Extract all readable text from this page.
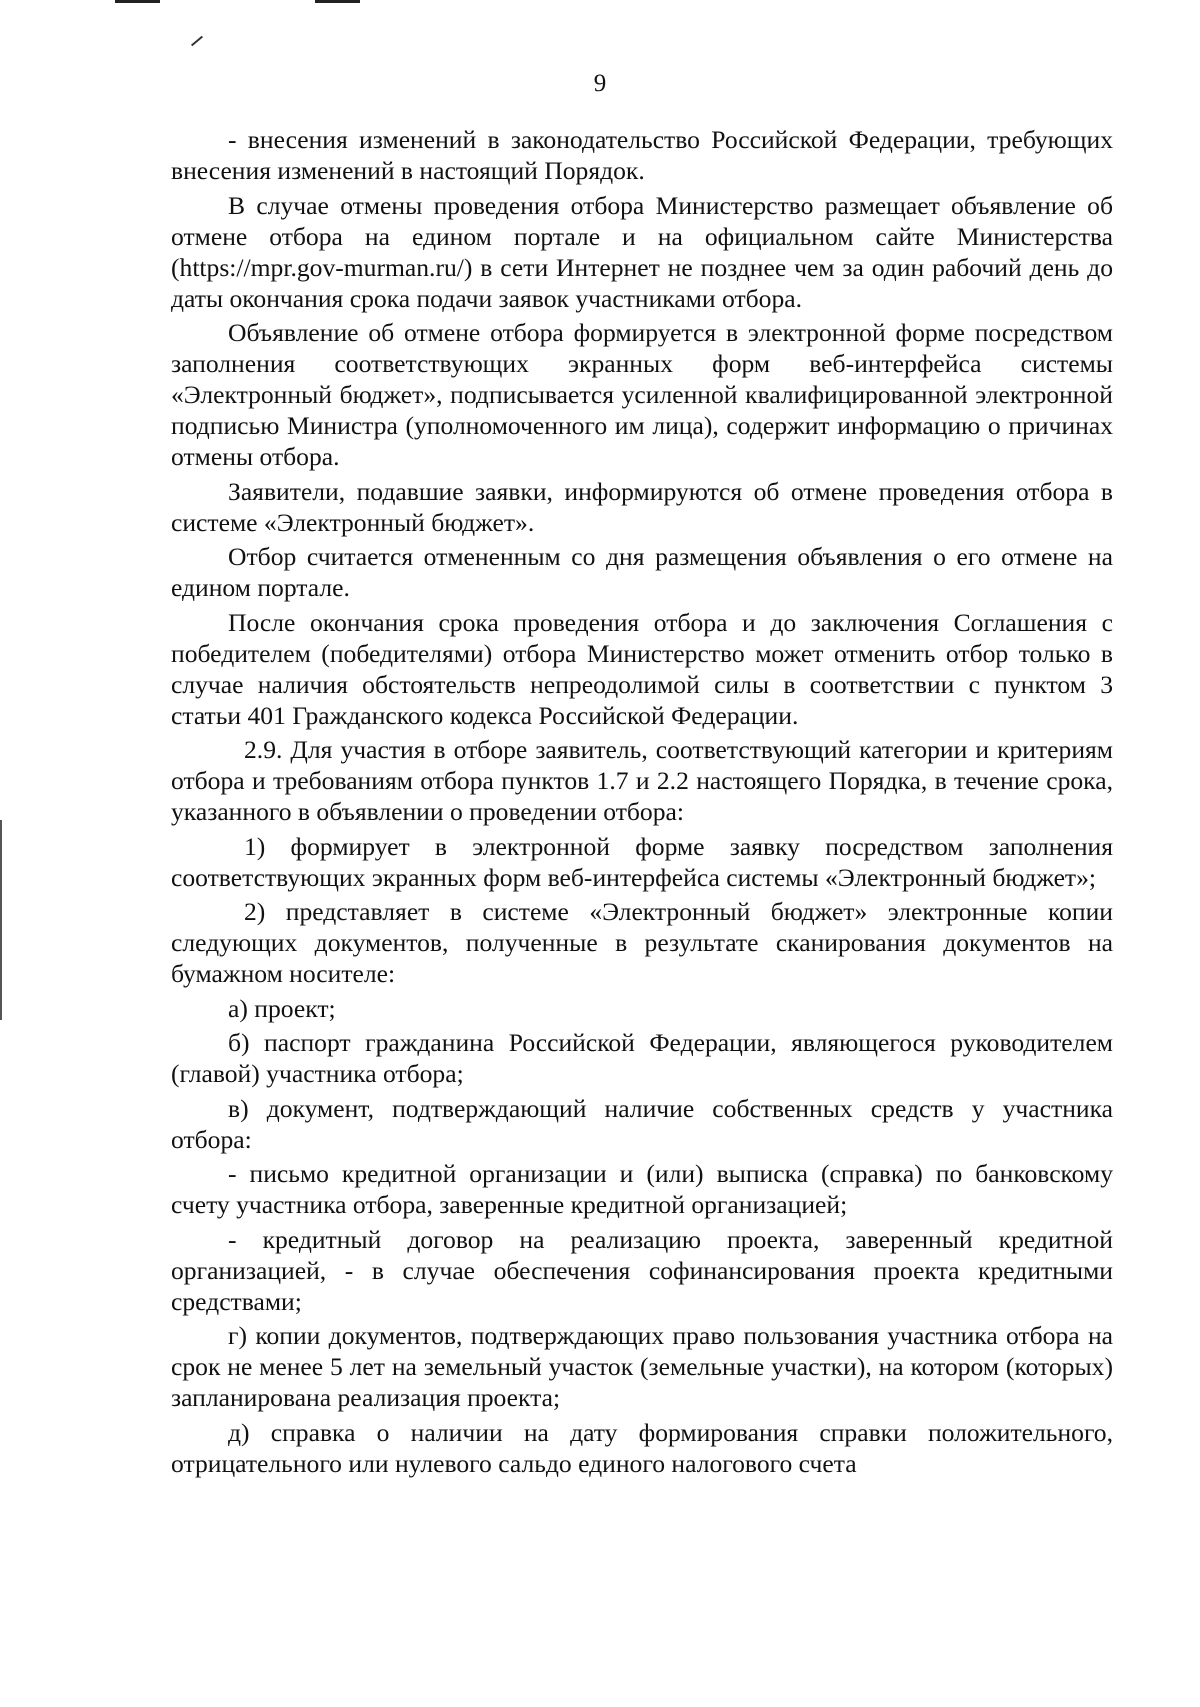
9

- внесения изменений в законодательство Российской Федерации, требующих внесения изменений в настоящий Порядок.

В случае отмены проведения отбора Министерство размещает объявление об отмене отбора на едином портале и на официальном сайте Министерства (https://mpr.gov-murman.ru/) в сети Интернет не позднее чем за один рабочий день до даты окончания срока подачи заявок участниками отбора.

Объявление об отмене отбора формируется в электронной форме посредством заполнения соответствующих экранных форм веб-интерфейса системы «Электронный бюджет», подписывается усиленной квалифицированной электронной подписью Министра (уполномоченного им лица), содержит информацию о причинах отмены отбора.

Заявители, подавшие заявки, информируются об отмене проведения отбора в системе «Электронный бюджет».

Отбор считается отмененным со дня размещения объявления о его отмене на едином портале.

После окончания срока проведения отбора и до заключения Соглашения с победителем (победителями) отбора Министерство может отменить отбор только в случае наличия обстоятельств непреодолимой силы в соответствии с пунктом 3 статьи 401 Гражданского кодекса Российской Федерации.

2.9. Для участия в отборе заявитель, соответствующий категории и критериям отбора и требованиям отбора пунктов 1.7 и 2.2 настоящего Порядка, в течение срока, указанного в объявлении о проведении отбора:

1) формирует в электронной форме заявку посредством заполнения соответствующих экранных форм веб-интерфейса системы «Электронный бюджет»;

2) представляет в системе «Электронный бюджет» электронные копии следующих документов, полученные в результате сканирования документов на бумажном носителе:

а) проект;

б) паспорт гражданина Российской Федерации, являющегося руководителем (главой) участника отбора;

в) документ, подтверждающий наличие собственных средств у участника отбора:

- письмо кредитной организации и (или) выписка (справка) по банковскому счету участника отбора, заверенные кредитной организацией;

- кредитный договор на реализацию проекта, заверенный кредитной организацией, - в случае обеспечения софинансирования проекта кредитными средствами;

г) копии документов, подтверждающих право пользования участника отбора на срок не менее 5 лет на земельный участок (земельные участки), на котором (которых) запланирована реализация проекта;

д) справка о наличии на дату формирования справки положительного, отрицательного или нулевого сальдо единого налогового счета
